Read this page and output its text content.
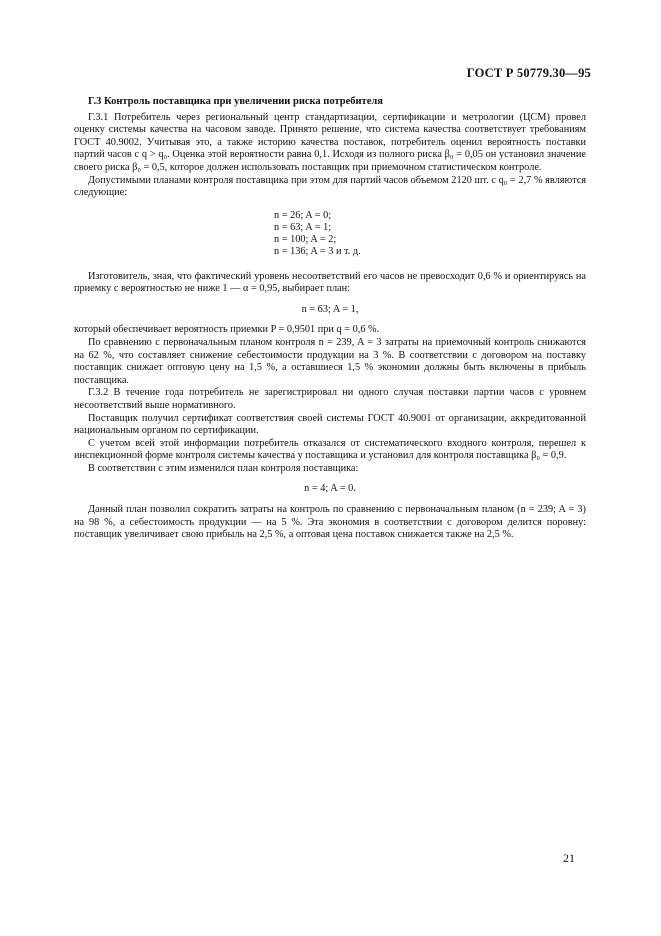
ГОСТ Р 50779.30—95
Г.3 Контроль поставщика при увеличении риска потребителя

Г.3.1 Потребитель через региональный центр стандартизации, сертификации и метрологии (ЦСМ) провел оценку системы качества на часовом заводе. Принято решение, что система качества соответствует требованиям ГОСТ 40.9002. Учитывая это, а также историю качества поставок, потребитель оценил вероятность поставки партий часов с q > q₀. Оценка этой вероятности равна 0,1. Исходя из полного риска β₀ = 0,05 он установил значение своего риска β₀ = 0,5, которое должен использовать поставщик при приемочном статистическом контроле.

Допустимыми планами контроля поставщика при этом для партий часов объемом 2120 шт. с q₀ = 2,7 % являются следующие:

n = 26; A = 0;
n = 63; A = 1;
n = 100; A = 2;
n = 136; A = 3 и т. д.

Изготовитель, зная, что фактический уровень несоответствий его часов не превосходит 0,6 % и ориентируясь на приемку с вероятностью не ниже 1 — α = 0,95, выбирает план:

n = 63; A = 1,

который обеспечивает вероятность приемки P = 0,9501 при q = 0,6 %.

По сравнению с первоначальным планом контроля n = 239, A = 3 затраты на приемочный контроль снижаются на 62 %, что составляет снижение себестоимости продукции на 3 %. В соответствии с договором на поставку поставщик снижает оптовую цену на 1,5 %, а оставшиеся 1,5 % экономии должны быть включены в прибыль поставщика.

Г.3.2 В течение года потребитель не зарегистрировал ни одного случая поставки партии часов с уровнем несоответствий выше нормативного.

Поставщик получил сертификат соответствия своей системы ГОСТ 40.9001 от организации, аккредитованной национальным органом по сертификации.

С учетом всей этой информации потребитель отказался от систематического входного контроля, перешел к инспекционной форме контроля системы качества у поставщика и установил для контроля поставщика β₀ = 0,9.

В соответствии с этим изменился план контроля поставщика:

n = 4; A = 0.

Данный план позволил сократить затраты на контроль по сравнению с первоначальным планом (n = 239; A = 3) на 98 %, а себестоимость продукции — на 5 %. Эта экономия в соответствии с договором делится поровну: поставщик увеличивает свою прибыль на 2,5 %, а оптовая цена поставок снижается также на 2,5 %.

21
